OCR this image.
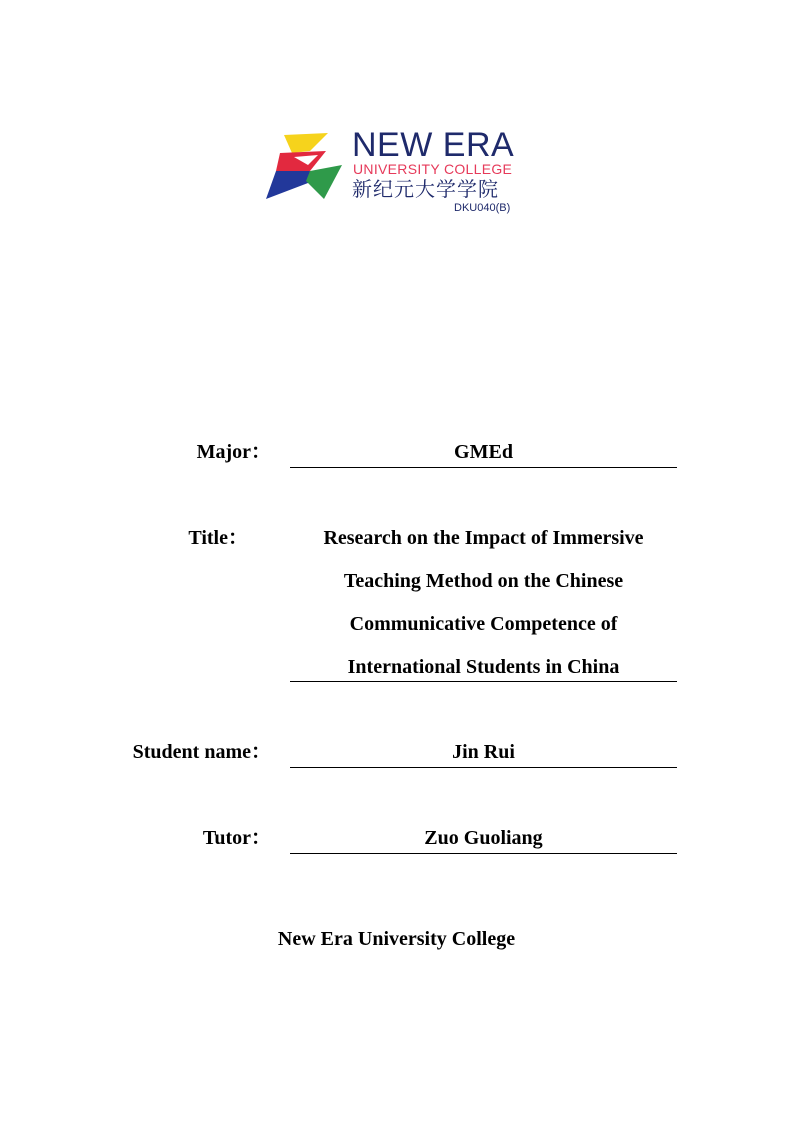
NEW ERA
UNIVERSITY COLLEGE
新纪元大学学院
DKU040(B)
Major：	GMEd
Title：	Research on the Impact of Immersive
Teaching Method on the Chinese
Communicative Competence of
International Students in China
Student name：	Jin Rui
Tutor：	Zuo Guoliang
New Era University College
